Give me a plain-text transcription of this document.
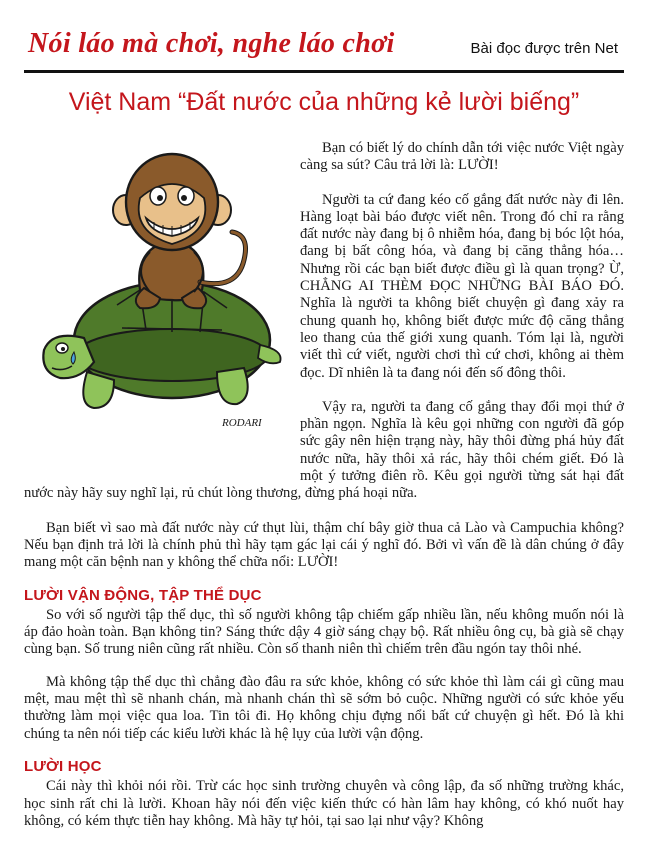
Nói láo mà chơi, nghe láo chơi	Bài đọc được trên Net
Việt Nam “Đất nước của những kẻ lười biếng”
RODARI

Bạn có biết lý do chính dẫn tới việc nước Việt ngày càng sa sút? Câu trả lời là: LƯỜI!

Người ta cứ đang kéo cố gắng đất nước này đi lên. Hàng loạt bài báo được viết nên. Trong đó chỉ ra rằng đất nước này đang bị ô nhiễm hóa, đang bị bóc lột hóa, đang bị bất công hóa, và đang bị căng thẳng hóa… Nhưng rồi các bạn biết được điều gì là quan trọng? Ừ, CHẲNG AI THÈM ĐỌC NHỮNG BÀI BÁO ĐÓ. Nghĩa là người ta không biết chuyện gì đang xảy ra chung quanh họ, không biết được mức độ căng thẳng leo thang của thế giới xung quanh. Tóm lại là, người viết thì cứ viết, người chơi thì cứ chơi, không ai thèm đọc. Dĩ nhiên là ta đang nói đến số đông thôi.

Vậy ra, người ta đang cố gắng thay đổi mọi thứ ở phần ngọn. Nghĩa là kêu gọi những con người đã góp sức gây nên hiện trạng này, hãy thôi đừng phá hủy đất nước nữa, hãy thôi xả rác, hãy thôi chém giết. Đó là một ý tưởng điên rồ. Kêu gọi người từng sát hại đất nước này hãy suy nghĩ lại, rủ chút lòng thương, đừng phá hoại nữa.

Bạn biết vì sao mà đất nước này cứ thụt lùi, thậm chí bây giờ thua cả Lào và Campuchia không? Nếu bạn định trả lời là chính phủ thì hãy tạm gác lại cái ý nghĩ đó. Bởi vì vấn đề là dân chúng ở đây mang một căn bệnh nan y không thể chữa nổi: LƯỜI!

LƯỜI VẬN ĐỘNG, TẬP THỂ DỤC

So với số người tập thể dục, thì số người không tập chiếm gấp nhiều lần, nếu không muốn nói là áp đảo hoàn toàn. Bạn không tin? Sáng thức dậy 4 giờ sáng chạy bộ. Rất nhiều ông cụ, bà già sẽ chạy cùng bạn. Số trung niên cũng rất nhiều. Còn số thanh niên thì chiếm trên đầu ngón tay thôi nhé.

Mà không tập thể dục thì chẳng đào đâu ra sức khỏe, không có sức khỏe thì làm cái gì cũng mau mệt, mau mệt thì sẽ nhanh chán, mà nhanh chán thì sẽ sớm bỏ cuộc. Những người có sức khỏe yếu thường làm mọi việc qua loa. Tin tôi đi. Họ không chịu đựng nổi bất cứ chuyện gì hết. Đó là khi chúng ta nên nói tiếp các kiểu lười khác là hệ lụy của lười vận động.

LƯỜI HỌC

Cái này thì khỏi nói rồi. Trừ các học sinh trường chuyên và công lập, đa số những trường khác, học sinh rất chi là lười. Khoan hãy nói đến việc kiến thức có hàn lâm hay không, có khó nuốt hay không, có kém thực tiễn hay không. Mà hãy tự hỏi, tại sao lại như vậy? Không
